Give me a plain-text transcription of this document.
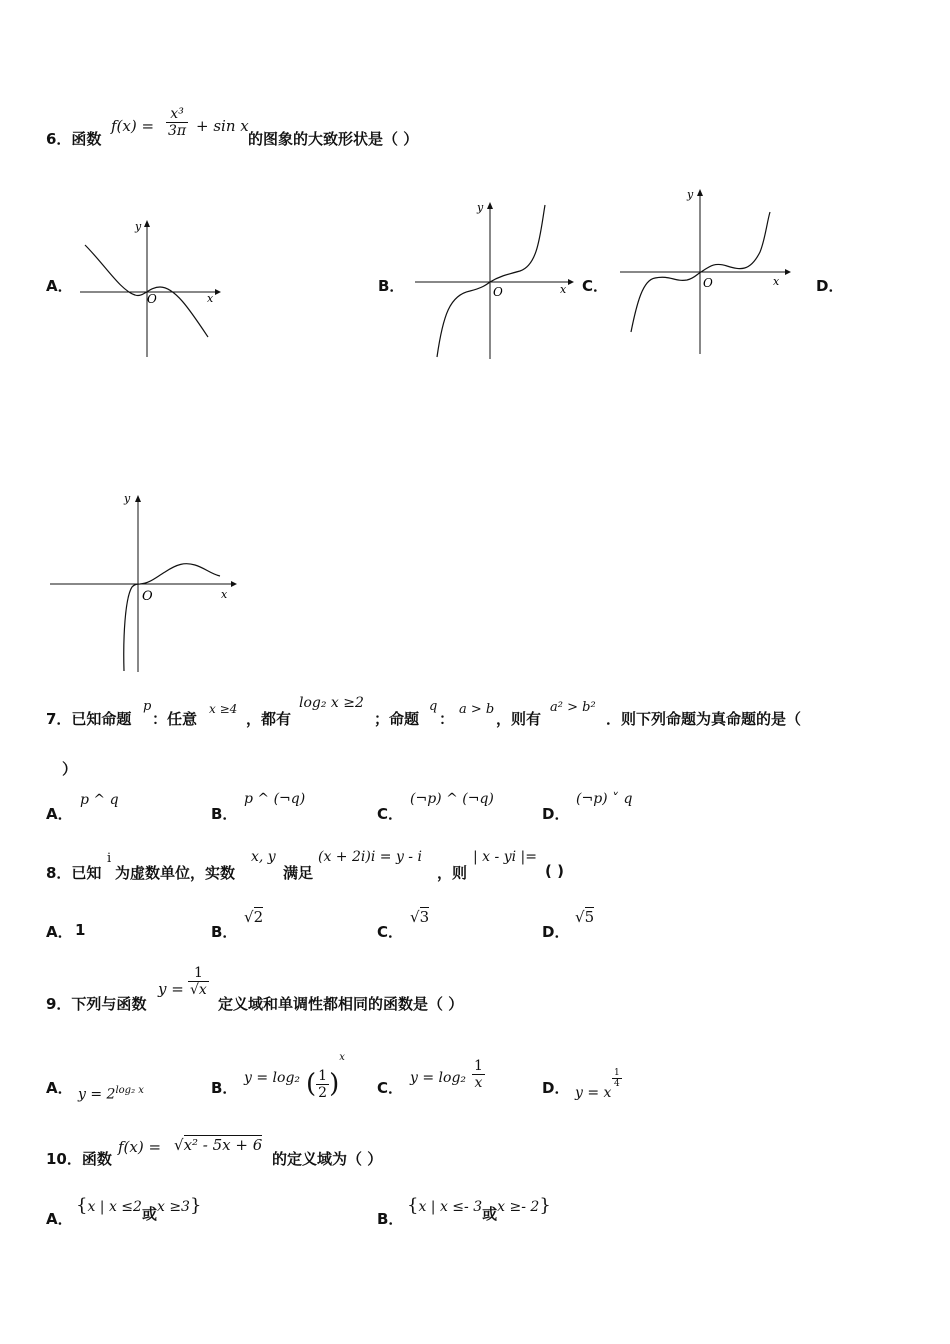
6．函数
$f(x) = \frac{\text{x³}}{3\pi} + \sin x$
的图象的大致形状是（ ）
A．	B．	C．	D．
x
y
O
x
y
O
x
y
O
x
y
O
7．已知命题
p
：任意
x ≥4
，都有
log₂ x ≥2
；命题
q
：
a > b
，则有
a² > b²
．则下列命题为真命题的是（
）
A．
p ^ q
B．
p ^ (¬q)
C．
(¬p) ^ (¬q)
D．
(¬p) ˅ q
8．已知
i
为虚数单位，实数
x, y
满足
(x + 2i)i = y - i
，则
| x - yi |=
( )
A． 1	B．
√2
C．
√3
D．
√5
9．下列与函数
$y = \frac{1}{√x}$
定义域和单调性都相同的函数是（ ）
A． $y = 2^{log_2 x}$	B．
y = log₂ ( $\frac{1}{2} )^x$
C．
$y = \log_2 \frac{1}{x}$	D． y = x
$\frac{1}{4}$
10．函数
f(x) = √x² - 5x + 6
的定义域为（ ）
A．
{x | x ≤2或x ≥3}
B．
{x | x ≤- 3或x ≥- 2}
